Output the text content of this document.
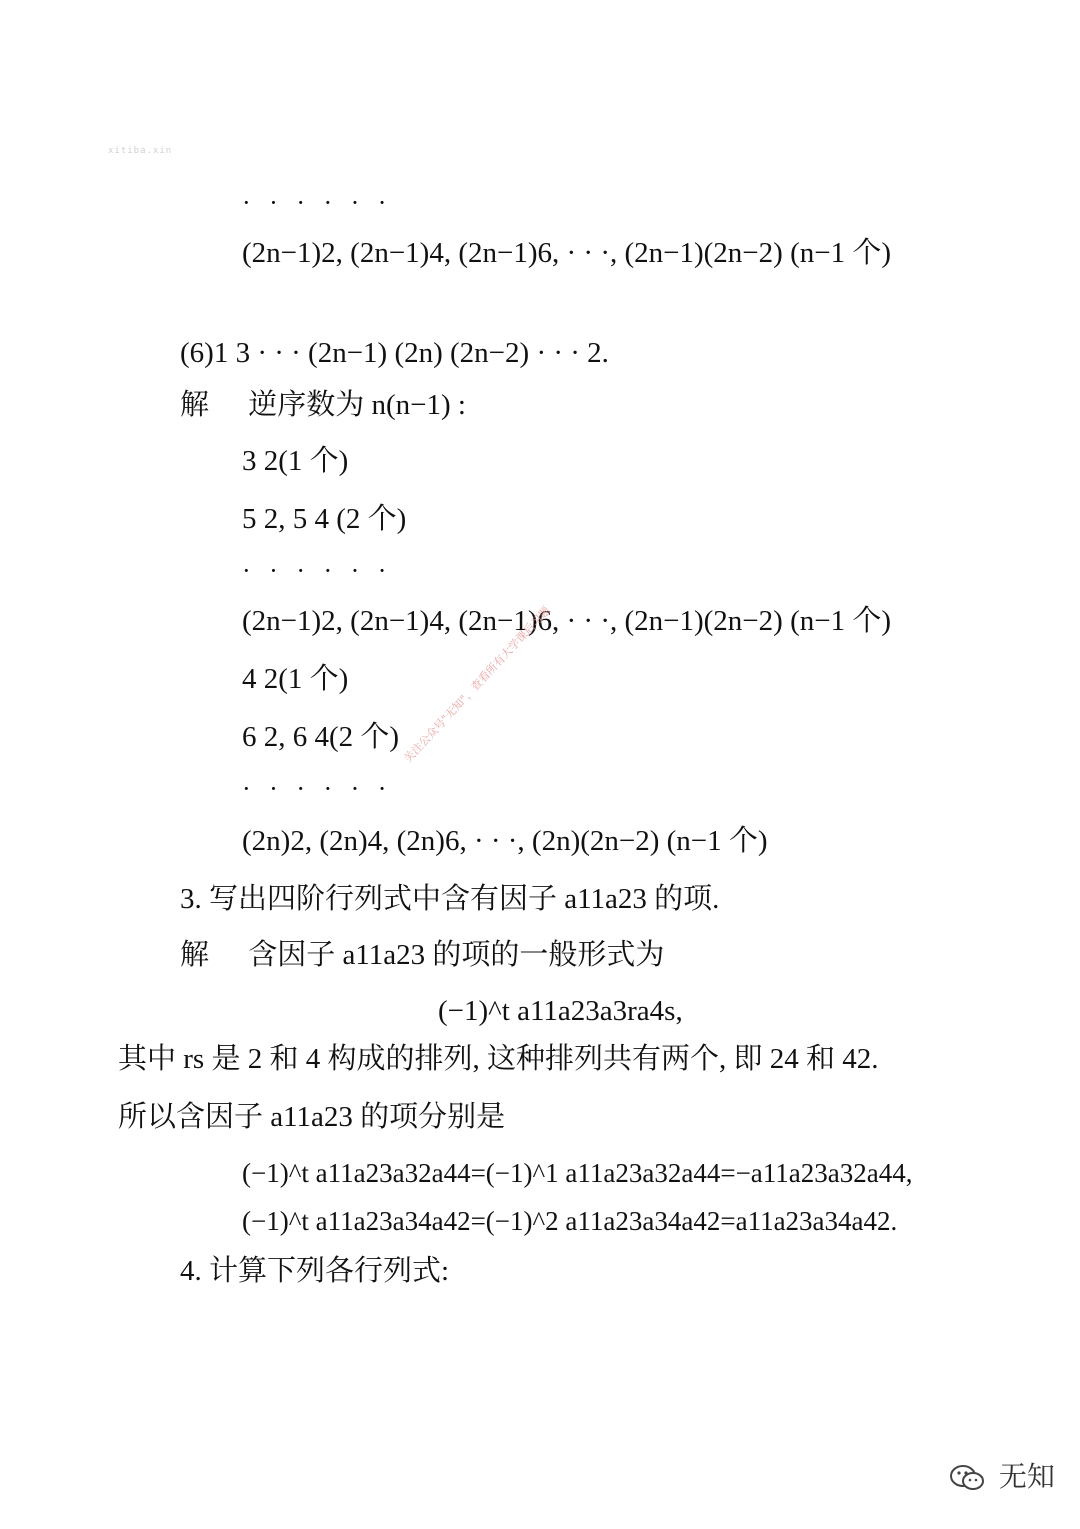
xitiba.xin
· · · · · ·
(2n−1)2, (2n−1)4, (2n−1)6, · · ·, (2n−1)(2n−2) (n−1 个)
(6)1 3 · · · (2n−1) (2n) (2n−2) · · · 2.
解 逆序数为 n(n−1) :
3 2(1 个)
5 2, 5 4 (2 个)
· · · · · ·
(2n−1)2, (2n−1)4, (2n−1)6, · · ·, (2n−1)(2n−2) (n−1 个)
4 2(1 个)
6 2, 6 4(2 个)
· · · · · ·
(2n)2, (2n)4, (2n)6, · · ·, (2n)(2n−2) (n−1 个)
3. 写出四阶行列式中含有因子 a11a23 的项.
解 含因子 a11a23 的项的一般形式为
(−1)^t a11a23a3ra4s,
其中 rs 是 2 和 4 构成的排列, 这种排列共有两个, 即 24 和 42.
所以含因子 a11a23 的项分别是
(−1)^t a11a23a32a44=(−1)^1 a11a23a32a44=−a11a23a32a44,
(−1)^t a11a23a34a42=(−1)^2 a11a23a34a42=a11a23a34a42.
4. 计算下列各行列式:
关注公众号"无知"，查看所有大学课后习题
无知
